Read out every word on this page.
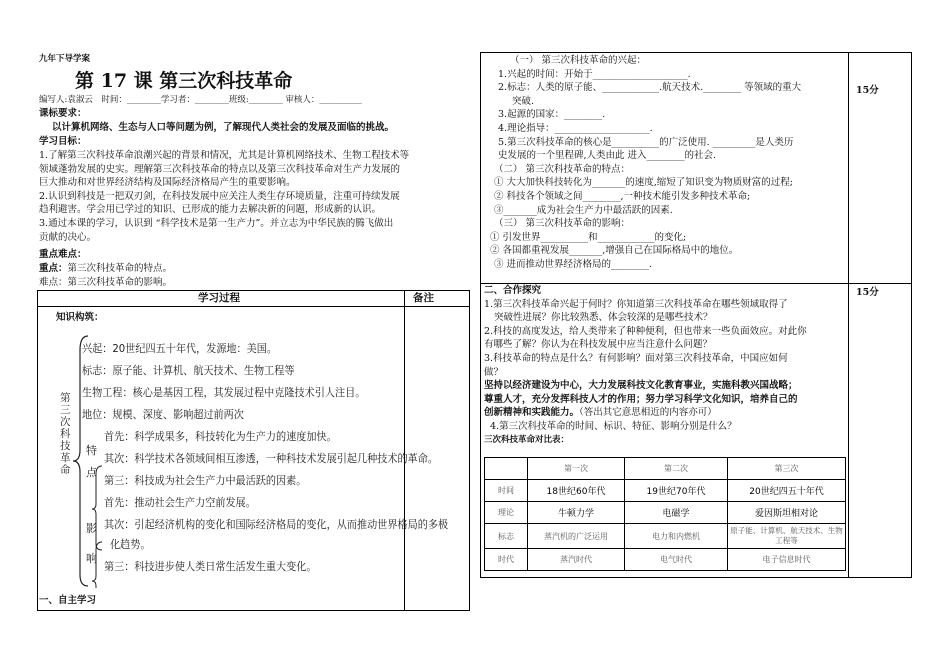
九年下导学案
第 17 课 第三次科技革命
编写人:袁淑云　时间：________学习者：________班级:________ 审核人：__________
课标要求：
以计算机网络、生态与人口等问题为例，了解现代人类社会的发展及面临的挑战。
学习目标：
1.了解第三次科技革命浪潮兴起的背景和情况，尤其是计算机网络技术、生物工程技术等
领域蓬勃发展的史实。理解第三次科技革命的特点以及第三次科技革命对生产力发展的
巨大推动和对世界经济结构及国际经济格局产生的重要影响。
2.认识到科技是一把双刃剑，在科技发展中应关注人类生存环境质量，注重可持续发展
趋利避害。学会用已学过的知识、已形成的能力去解决新的问题，形成新的认识。
3.通过本课的学习，认识到 “科学技术是第一生产力”。并立志为中华民族的腾飞做出
贡献的决心。
重点难点：
重点：第三次科技革命的特点。
难点：第三次科技革命的影响。
学习过程	备注
知识构筑：
第三次科技革命
特点
影响
兴起：20世纪四五十年代，发源地：美国。
标志：原子能、计算机、航天技术、生物工程等
生物工程：核心是基因工程，其发展过程中克隆技术引人注目。
地位：规模、深度、影响超过前两次
首先：科学成果多，科技转化为生产力的速度加快。
其次：科学技术各领域间相互渗透，一种科技术发展引起几种技术的革命。
第三：科技成为社会生产力中最活跃的因素。
首先：推动社会生产力空前发展。
其次：引起经济机构的变化和国际经济格局的变化，从而推动世界格局的多极
化趋势。
第三：科技进步使人类日常生活发生重大变化。
一、自主学习
15分
15分
（一） 第三次科技革命的兴起：
1.兴起的时间：开始于____________________.
2.标志：人类的原子能、____________.航天技术.________ 等领域的重大
突破.
3.起源的国家：________.
4.理论指导：____________________.
5.第三次科技革命的核心是__________的广泛使用. _________是人类历
史发展的一个里程碑,人类由此 进入________的社会.
（二） 第三次科技革命的特点：
① 大大加快科技转化为_______的速度,缩短了知识变为物质财富的过程;
② 科技各个领域之间________,一种技术能引发多种技术革命;
③_______成为社会生产力中最活跃的因素.
（三） 第三次科技革命的影响：
① 引发世界__________和____________的变化;
② 各国都重视发展_______,增强自己在国际格局中的地位。
③ 进而推动世界经济格局的________.
二、合作探究
1.第三次科技革命兴起于何时？你知道第三次科技革命在哪些领域取得了
突破性进展？你比较熟悉、体会较深的是哪些技术？
2.科技的高度发达，给人类带来了种种便利，但也带来一些负面效应。对此你
有哪些了解？你认为在科技发展中应当注意什么问题？
3.科技革命的特点是什么？有何影响？面对第三次科技革命，中国应如何
做？
坚持以经济建设为中心，大力发展科技文化教育事业，实施科教兴国战略；
尊重人才，充分发挥科技人才的作用；努力学习科学文化知识，培养自己的
创新精神和实践能力。（答出其它意思相近的内容亦可）
4.第三次科技革命的时间、标识、特征、影响分别是什么？
三次科技革命对比表：
	第一次	第二次	第三次
时间	18世纪60年代	19世纪70年代	20世纪四五十年代
理论	牛顿力学	电磁学	爱因斯坦相对论
标志	蒸汽机的广泛运用	电力和内燃机	原子能、计算机、航天技术、生物工程等
时代	蒸汽时代	电气时代	电子信息时代
